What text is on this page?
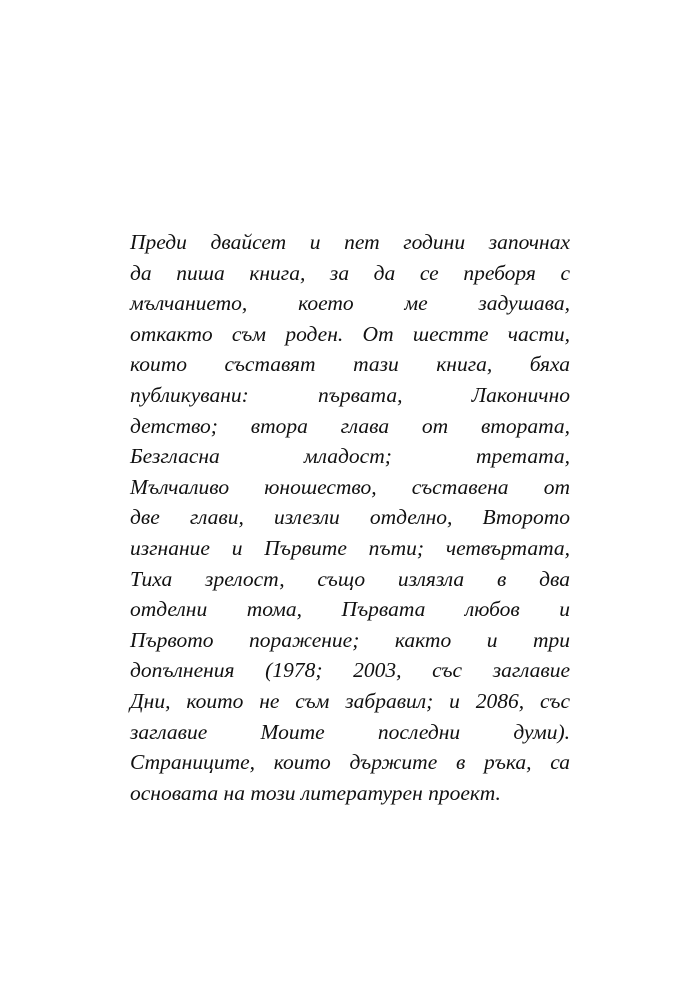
Преди двайсет и пет години започнах
да пиша книга, за да се преборя с
мълчанието, което ме задушава,
откакто съм роден. От шестте части,
които съставят тази книга, бяха
публикувани: първата, Лаконично
детство; втора глава от втората,
Безгласна младост; третата,
Мълчаливо юношество, съставена от
две глави, излезли отделно, Второто
изгнание и Първите пъти; четвъртата,
Тиха зрелост, също излязла в два
отделни тома, Първата любов и
Първото поражение; както и три
допълнения (1978; 2003, със заглавие
Дни, които не съм забравил; и 2086, със
заглавие Моите последни думи).
Страниците, които държите в ръка, са
основата на този литературен проект.
